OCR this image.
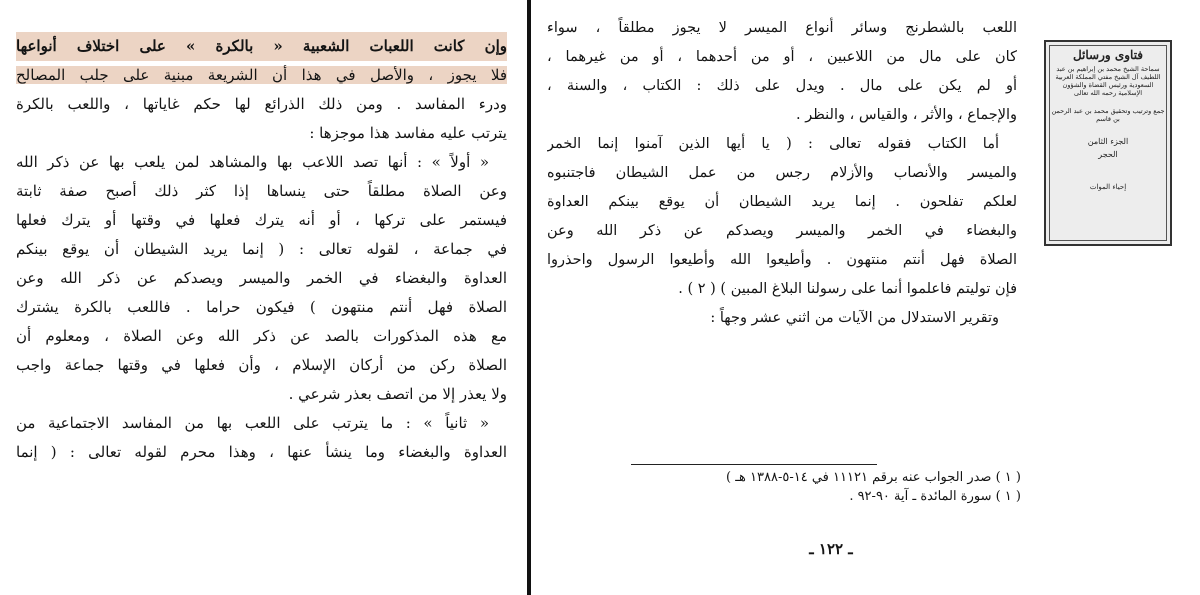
وإن كانت اللعبات الشعبية « بالكرة » على اختلاف أنواعها
فلا يجوز ، والأصل في هذا أن الشريعة مبنية على جلب المصالح
ودرء المفاسد . ومن ذلك الذرائع لها حكم غاياتها ، واللعب بالكرة
يترتب عليه مفاسد هذا موجزها :
« أولاً » : أنها تصد اللاعب بها والمشاهد لمن يلعب بها عن ذكر الله
وعن الصلاة مطلقاً حتى ينساها إذا كثر ذلك أصبح صفة ثابتة
فيستمر على تركها ، أو أنه يترك فعلها في وقتها أو يترك فعلها
في جماعة ، لقوله تعالى : ( إنما يريد الشيطان أن يوقع بينكم
العداوة والبغضاء في الخمر والميسر ويصدكم عن ذكر الله وعن
الصلاة فهل أنتم منتهون ) فيكون حراما . فاللعب بالكرة يشترك
مع هذه المذكورات بالصد عن ذكر الله وعن الصلاة ، ومعلوم أن
الصلاة ركن من أركان الإسلام ، وأن فعلها في وقتها جماعة واجب
ولا يعذر إلا من اتصف بعذر شرعي .
« ثانياً » : ما يترتب على اللعب بها من المفاسد الاجتماعية من
العداوة والبغضاء وما ينشأ عنها ، وهذا محرم لقوله تعالى : ( إنما
اللعب بالشطرنج وسائر أنواع الميسر لا يجوز مطلقاً ، سواء
كان على مال من اللاعبين ، أو من أحدهما ، أو من غيرهما ،
أو لم يكن على مال . ويدل على ذلك : الكتاب ، والسنة ،
والإجماع ، والأثر ، والقياس ، والنظر .
أما الكتاب فقوله تعالى : ( يا أيها الذين آمنوا إنما الخمر
والميسر والأنصاب والأزلام رجس من عمل الشيطان فاجتنبوه
لعلكم تفلحون . إنما يريد الشيطان أن يوقع بينكم العداوة
والبغضاء في الخمر والميسر ويصدكم عن ذكر الله وعن
الصلاة فهل أنتم منتهون . وأطيعوا الله وأطيعوا الرسول واحذروا
فإن توليتم فاعلموا أنما على رسولنا البلاغ المبين ) ( ٢ ) .
وتقرير الاستدلال من الآيات من اثني عشر وجهاً :
( ١ ) صدر الجواب عنه برقم ١١١٢١ في ١٤-٥-١٣٨٨ هـ )
( ١ ) سورة المائدة ـ آية ٩٠-٩٢ .
ـ ١٢٢ ـ
فتاوى ورسائل
سماحة الشيخ محمد بن إبراهيم بن عبد اللطيف آل الشيخ مفتي المملكة العربية السعودية ورئيس القضاة والشؤون الإسلامية رحمه الله تعالى
جمع وترتيب وتحقيق محمد بن عبد الرحمن بن قاسم
الجزء الثامن
الحجر
إحياء الموات
